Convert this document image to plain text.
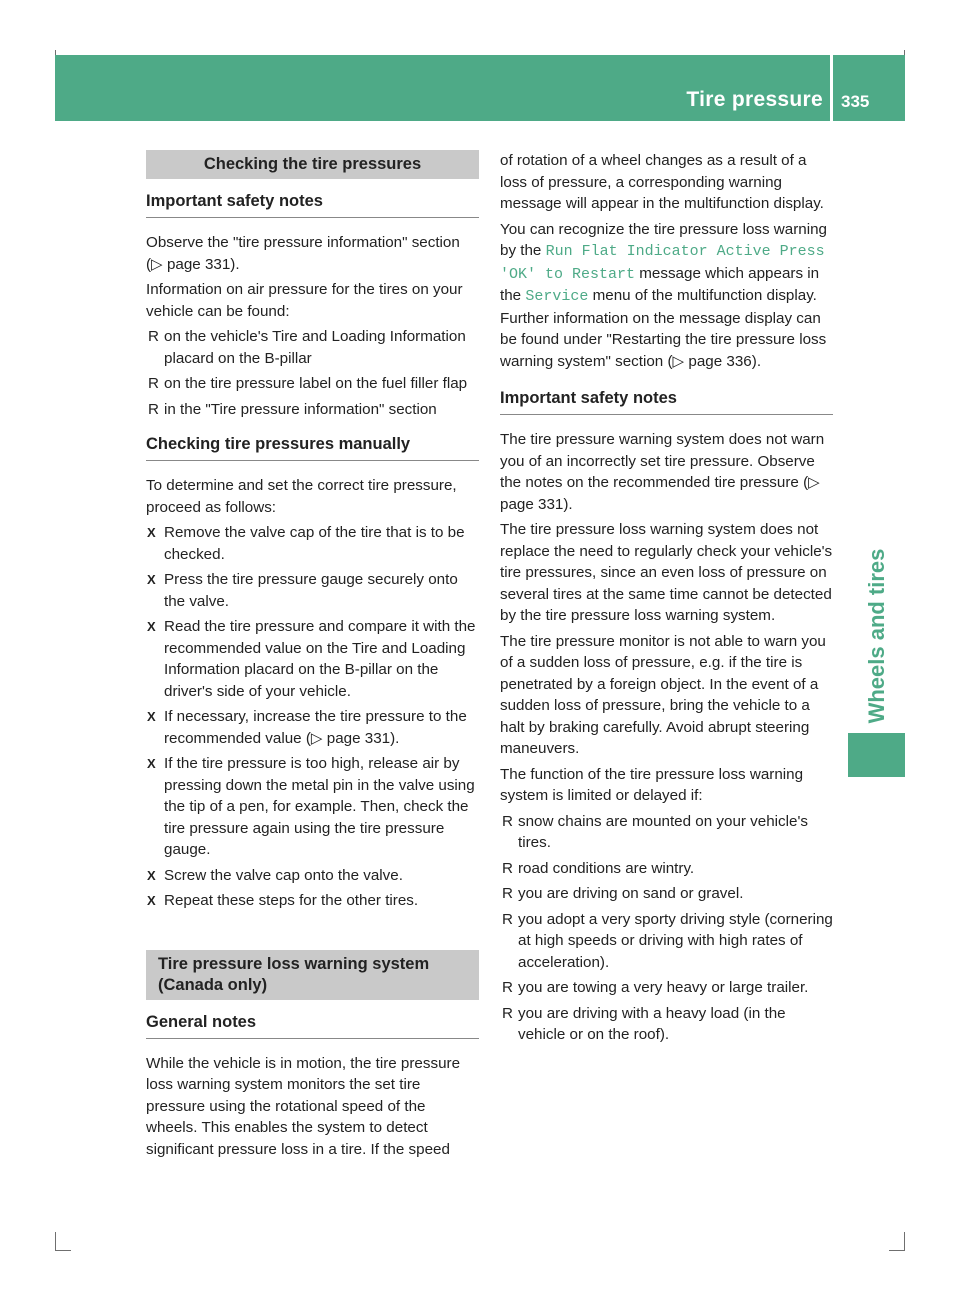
Tire pressure 335
Wheels and tires
Checking the tire pressures
Important safety notes

Observe the "tire pressure information" section (▷ page 331).

Information on air pressure for the tires on your vehicle can be found:

R on the vehicle's Tire and Loading Information placard on the B-pillar
R on the tire pressure label on the fuel filler flap
R in the "Tire pressure information" section
Checking tire pressures manually

To determine and set the correct tire pressure, proceed as follows:

X Remove the valve cap of the tire that is to be checked.
X Press the tire pressure gauge securely onto the valve.
X Read the tire pressure and compare it with the recommended value on the Tire and Loading Information placard on the B-pillar on the driver's side of your vehicle.
X If necessary, increase the tire pressure to the recommended value (▷ page 331).
X If the tire pressure is too high, release air by pressing down the metal pin in the valve using the tip of a pen, for example. Then, check the tire pressure again using the tire pressure gauge.
X Screw the valve cap onto the valve.
X Repeat these steps for the other tires.
Tire pressure loss warning system
(Canada only)
General notes

While the vehicle is in motion, the tire pressure loss warning system monitors the set tire pressure using the rotational speed of the wheels. This enables the system to detect significant pressure loss in a tire. If the speed

of rotation of a wheel changes as a result of a loss of pressure, a corresponding warning message will appear in the multifunction display.

You can recognize the tire pressure loss warning by the Run Flat Indicator Active Press 'OK' to Restart message which appears in the Service menu of the multifunction display. Further information on the message display can be found under "Restarting the tire pressure loss warning system" section (▷ page 336).

Important safety notes

The tire pressure warning system does not warn you of an incorrectly set tire pressure. Observe the notes on the recommended tire pressure (▷ page 331).

The tire pressure loss warning system does not replace the need to regularly check your vehicle's tire pressures, since an even loss of pressure on several tires at the same time cannot be detected by the tire pressure loss warning system.

The tire pressure monitor is not able to warn you of a sudden loss of pressure, e.g. if the tire is penetrated by a foreign object. In the event of a sudden loss of pressure, bring the vehicle to a halt by braking carefully. Avoid abrupt steering maneuvers.

The function of the tire pressure loss warning system is limited or delayed if:

R snow chains are mounted on your vehicle's tires.
R road conditions are wintry.
R you are driving on sand or gravel.
R you adopt a very sporty driving style (cornering at high speeds or driving with high rates of acceleration).
R you are towing a very heavy or large trailer.
R you are driving with a heavy load (in the vehicle or on the roof).
